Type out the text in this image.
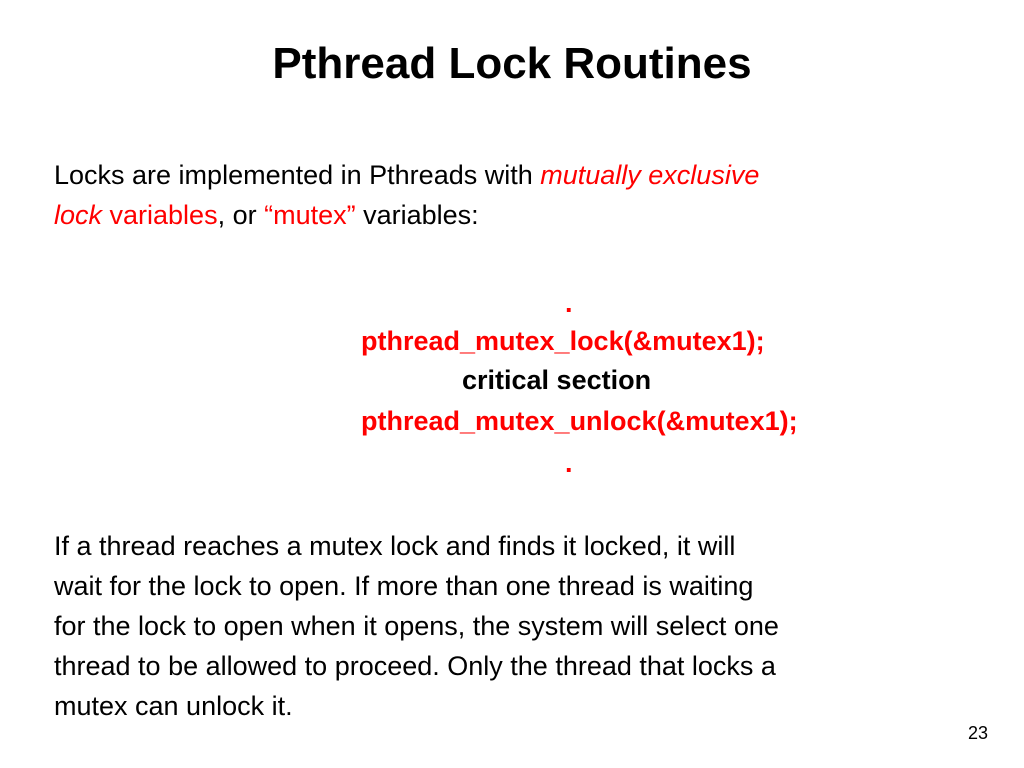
Pthread Lock Routines

Locks are implemented in Pthreads with mutually exclusive
lock variables, or “mutex” variables:

.
pthread_mutex_lock(&mutex1);
critical section
pthread_mutex_unlock(&mutex1);
.

If a thread reaches a mutex lock and finds it locked, it will
wait for the lock to open. If more than one thread is waiting
for the lock to open when it opens, the system will select one
thread to be allowed to proceed. Only the thread that locks a
mutex can unlock it.

23
